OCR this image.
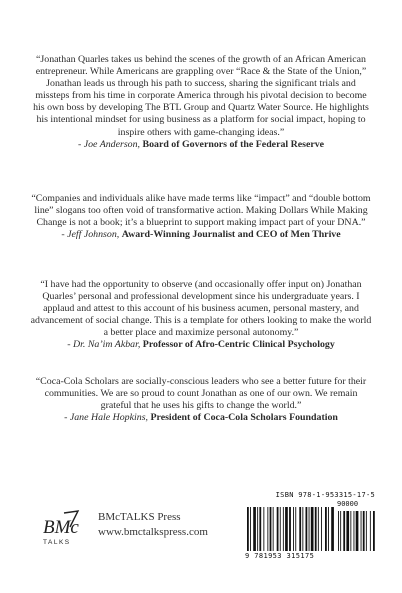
“Jonathan Quarles takes us behind the scenes of the growth of an African American entrepreneur. While Americans are grappling over “Race & the State of the Union,” Jonathan leads us through his path to success, sharing the significant trials and missteps from his time in corporate America through his pivotal decision to become his own boss by developing The BTL Group and Quartz Water Source. He highlights his intentional mindset for using business as a platform for social impact, hoping to inspire others with game-changing ideas.”

- Joe Anderson, Board of Governors of the Federal Reserve

“Companies and individuals alike have made terms like “impact” and “double bottom line” slogans too often void of transformative action. Making Dollars While Making Change is not a book; it’s a blueprint to support making impact part of your DNA.”

- Jeff Johnson, Award-Winning Journalist and CEO of Men Thrive

“I have had the opportunity to observe (and occasionally offer input on) Jonathan Quarles’ personal and professional development since his undergraduate years. I applaud and attest to this account of his business acumen, personal mastery, and advancement of social change. This is a template for others looking to make the world a better place and maximize personal autonomy.”

- Dr. Na’im Akbar, Professor of Afro-Centric Clinical Psychology

“Coca-Cola Scholars are socially-conscious leaders who see a better future for their communities. We are so proud to count Jonathan as one of our own. We remain grateful that he uses his gifts to change the world.”

- Jane Hale Hopkins, President of Coca-Cola Scholars Foundation

BMc
TALKS
BMcTALKS Press
www.bmctalkspress.com
ISBN 978-1-953315-17-5
90000
9 781953 315175
